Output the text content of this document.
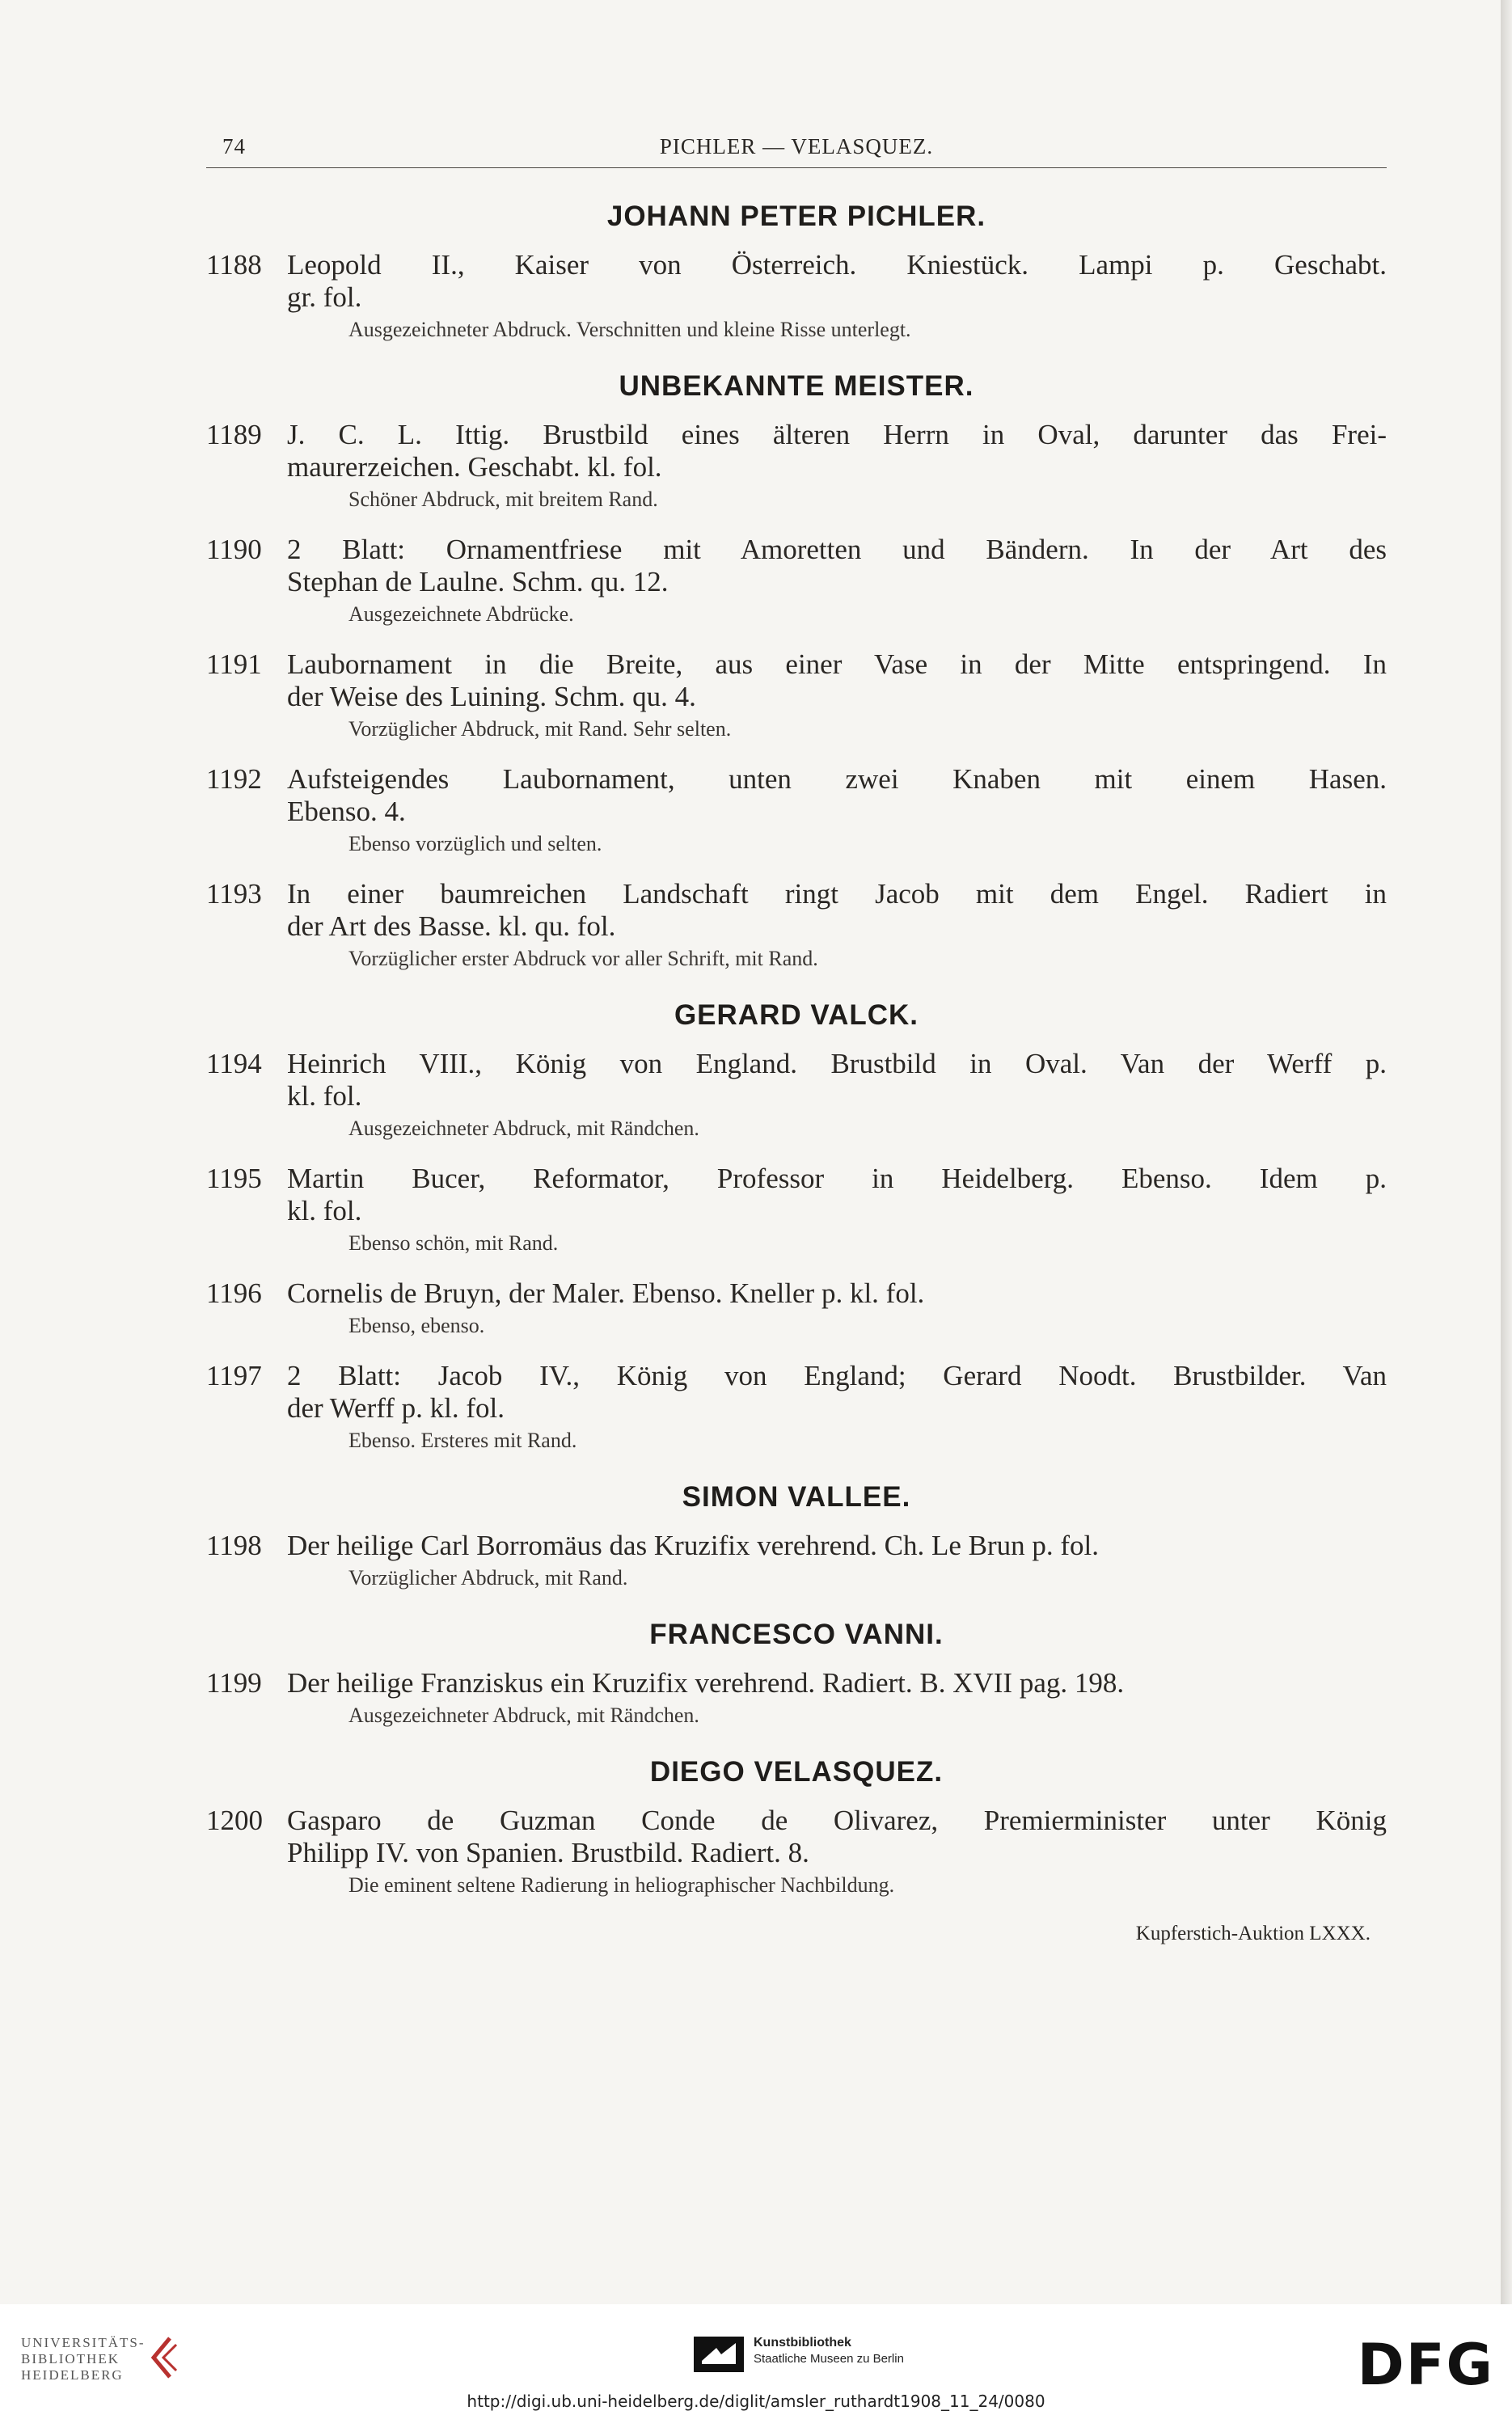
74	PICHLER — VELASQUEZ.
JOHANN PETER PICHLER.
1188 Leopold II., Kaiser von Österreich. Kniestück. Lampi p. Geschabt.
gr. fol.
Ausgezeichneter Abdruck. Verschnitten und kleine Risse unterlegt.
UNBEKANNTE MEISTER.
1189 J. C. L. Ittig. Brustbild eines älteren Herrn in Oval, darunter das Frei-
maurerzeichen. Geschabt. kl. fol.
Schöner Abdruck, mit breitem Rand.
1190 2 Blatt: Ornamentfriese mit Amoretten und Bändern. In der Art des
Stephan de Laulne. Schm. qu. 12.
Ausgezeichnete Abdrücke.
1191 Laubornament in die Breite, aus einer Vase in der Mitte entspringend. In
der Weise des Luining. Schm. qu. 4.
Vorzüglicher Abdruck, mit Rand. Sehr selten.
1192 Aufsteigendes Laubornament, unten zwei Knaben mit einem Hasen.
Ebenso. 4.
Ebenso vorzüglich und selten.
1193 In einer baumreichen Landschaft ringt Jacob mit dem Engel. Radiert in
der Art des Basse. kl. qu. fol.
Vorzüglicher erster Abdruck vor aller Schrift, mit Rand.
GERARD VALCK.
1194 Heinrich VIII., König von England. Brustbild in Oval. Van der Werff p.
kl. fol.
Ausgezeichneter Abdruck, mit Rändchen.
1195 Martin Bucer, Reformator, Professor in Heidelberg. Ebenso. Idem p.
kl. fol.
Ebenso schön, mit Rand.
1196 Cornelis de Bruyn, der Maler. Ebenso. Kneller p. kl. fol.
Ebenso, ebenso.
1197 2 Blatt: Jacob IV., König von England; Gerard Noodt. Brustbilder. Van
der Werff p. kl. fol.
Ebenso. Ersteres mit Rand.
SIMON VALLEE.
1198 Der heilige Carl Borromäus das Kruzifix verehrend. Ch. Le Brun p. fol.
Vorzüglicher Abdruck, mit Rand.
FRANCESCO VANNI.
1199 Der heilige Franziskus ein Kruzifix verehrend. Radiert. B. XVII pag. 198.
Ausgezeichneter Abdruck, mit Rändchen.
DIEGO VELASQUEZ.
1200 Gasparo de Guzman Conde de Olivarez, Premierminister unter König
Philipp IV. von Spanien. Brustbild. Radiert. 8.
Die eminent seltene Radierung in heliographischer Nachbildung.
Kupferstich-Auktion LXXX.
UNIVERSITÄTS-
BIBLIOTHEK
HEIDELBERG
Kunstbibliothek
Staatliche Museen zu Berlin	DFG
http://digi.ub.uni-heidelberg.de/diglit/amsler_ruthardt1908_11_24/0080
